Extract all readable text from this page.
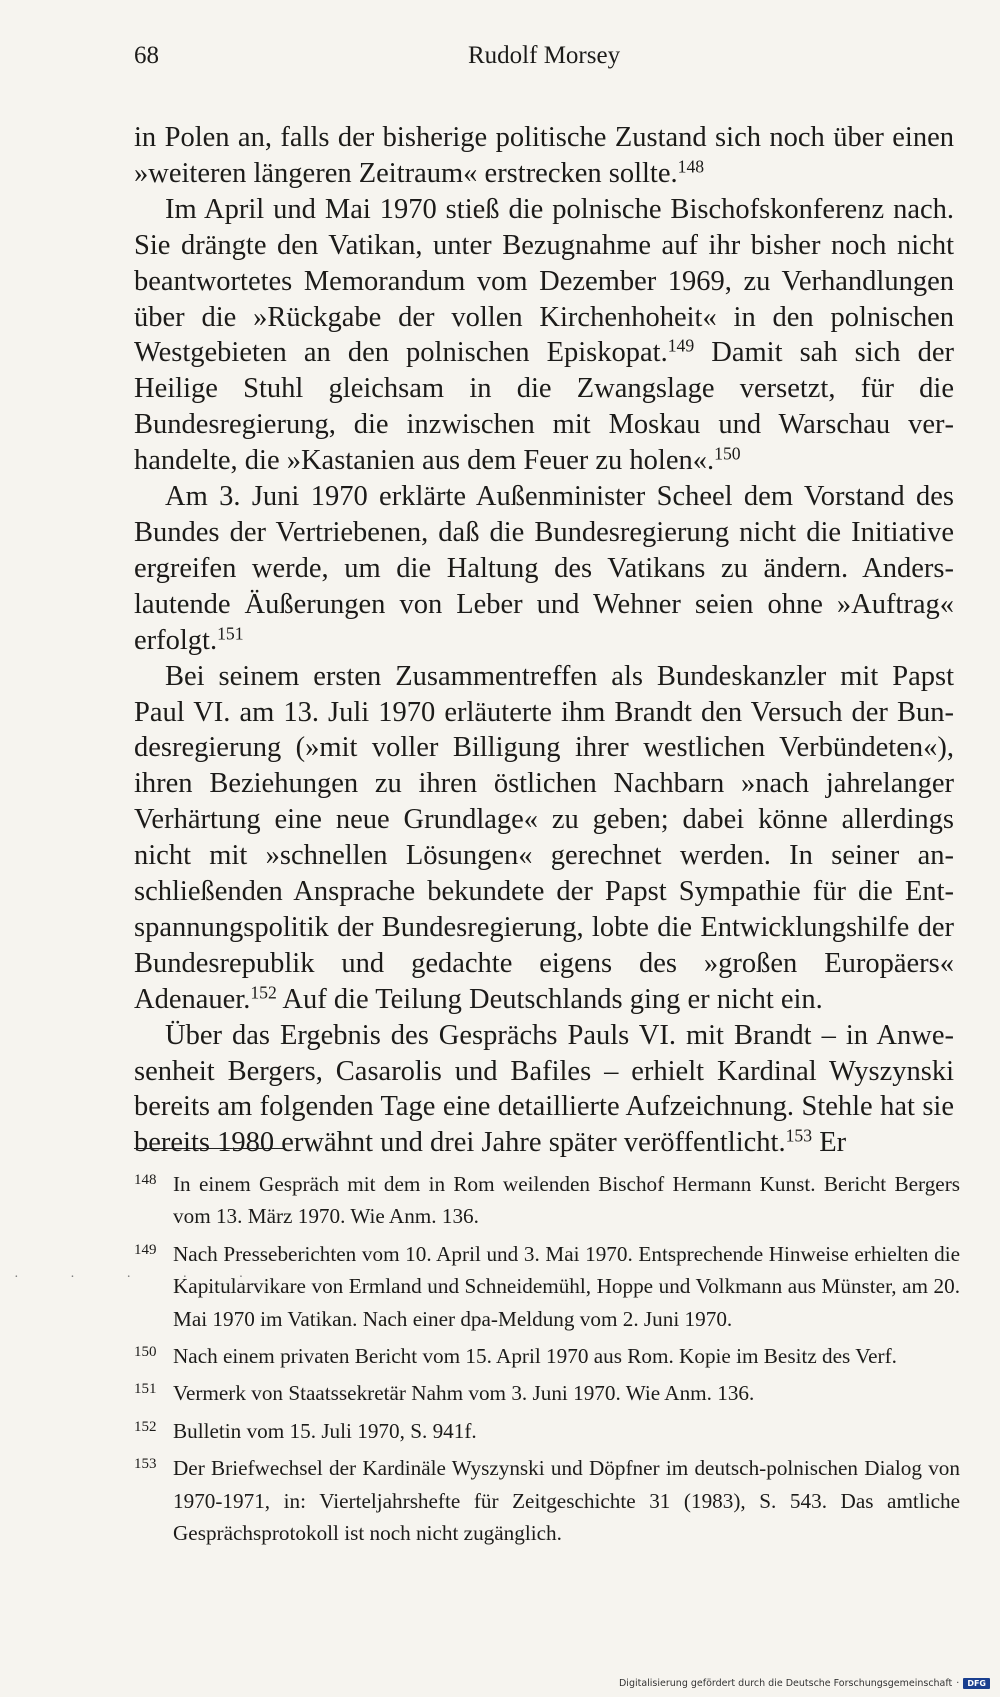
68	Rudolf Morsey

in Polen an, falls der bisherige politische Zustand sich noch über einen »weiteren längeren Zeitraum« erstrecken sollte.$^{148}$

Im April und Mai 1970 stieß die polnische Bischofskonferenz nach. Sie drängte den Vatikan, unter Bezugnahme auf ihr bisher noch nicht beantwortetes Memorandum vom Dezember 1969, zu Verhandlungen über die »Rückgabe der vollen Kirchenhoheit« in den polnischen Westgebieten an den polnischen Episkopat.$^{149}$ Damit sah sich der Heilige Stuhl gleichsam in die Zwangslage versetzt, für die Bundesregierung, die inzwischen mit Moskau und Warschau verhandelte, die »Kastanien aus dem Feuer zu holen«.$^{150}$

Am 3. Juni 1970 erklärte Außenminister Scheel dem Vorstand des Bundes der Vertriebenen, daß die Bundesregierung nicht die Initiative ergreifen werde, um die Haltung des Vatikans zu ändern. Anderslautende Äußerungen von Leber und Wehner seien ohne »Auftrag« erfolgt.$^{151}$

Bei seinem ersten Zusammentreffen als Bundeskanzler mit Papst Paul VI. am 13. Juli 1970 erläuterte ihm Brandt den Versuch der Bundesregierung (»mit voller Billigung ihrer westlichen Verbündeten«), ihren Beziehungen zu ihren östlichen Nachbarn »nach jahrelanger Verhärtung eine neue Grundlage« zu geben; dabei könne allerdings nicht mit »schnellen Lösungen« gerechnet werden. In seiner anschließenden Ansprache bekundete der Papst Sympathie für die Entspannungspolitik der Bundesregierung, lobte die Entwicklungshilfe der Bundesrepublik und gedachte eigens des »großen Europäers« Adenauer.$^{152}$ Auf die Teilung Deutschlands ging er nicht ein.

Über das Ergebnis des Gesprächs Pauls VI. mit Brandt – in Anwesenheit Bergers, Casarolis und Bafiles – erhielt Kardinal Wyszynski bereits am folgenden Tage eine detaillierte Aufzeichnung. Stehle hat sie bereits 1980 erwähnt und drei Jahre später veröffentlicht.$^{153}$ Er

· · · · ·
148 In einem Gespräch mit dem in Rom weilenden Bischof Hermann Kunst. Bericht Bergers vom 13. März 1970. Wie Anm. 136.
149 Nach Presseberichten vom 10. April und 3. Mai 1970. Entsprechende Hinweise erhielten die Kapitularvikare von Ermland und Schneidemühl, Hoppe und Volkmann aus Münster, am 20. Mai 1970 im Vatikan. Nach einer dpa-Meldung vom 2. Juni 1970.
150 Nach einem privaten Bericht vom 15. April 1970 aus Rom. Kopie im Besitz des Verf.
151 Vermerk von Staatssekretär Nahm vom 3. Juni 1970. Wie Anm. 136.
152 Bulletin vom 15. Juli 1970, S. 941f.
153 Der Briefwechsel der Kardinäle Wyszynski und Döpfner im deutsch-polnischen Dialog von 1970-1971, in: Vierteljahrshefte für Zeitgeschichte 31 (1983), S. 543. Das amtliche Gesprächsprotokoll ist noch nicht zugänglich.
Digitalisierung gefördert durch die Deutsche Forschungsgemeinschaft ·	DFG
